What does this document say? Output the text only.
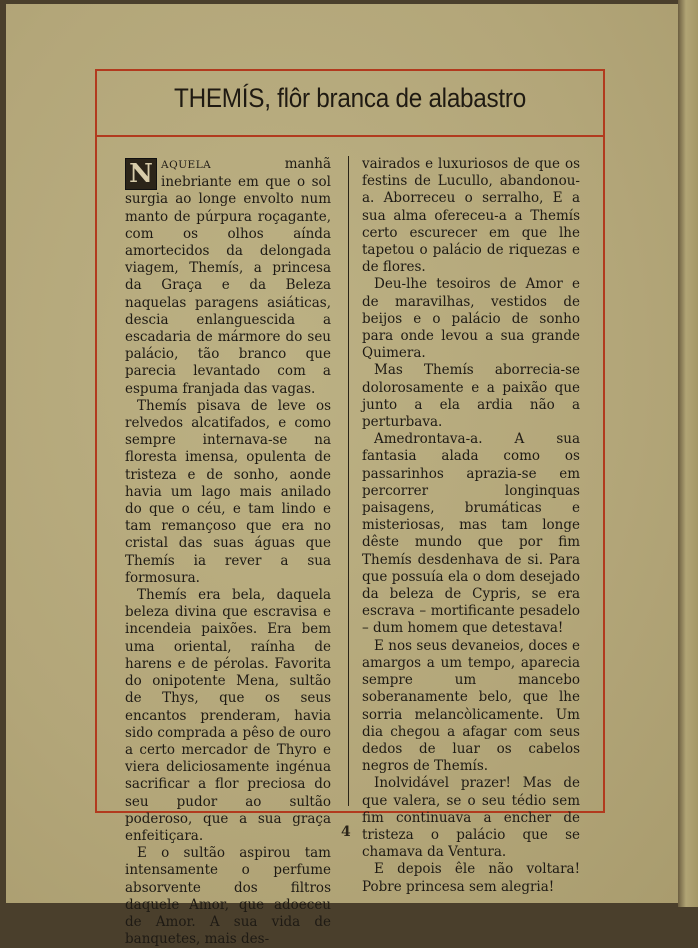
THEMÍS, flôr branca de alabastro

N AQUELA	manhã inebriante em que o sol surgia ao longe envolto num manto de púrpura roçagante, com os olhos aínda amortecidos da delongada viagem, Themís, a princesa da Graça e da Beleza naquelas paragens asiáticas, descia enlanguescida a escadaria de mármore do seu palácio, tão branco que parecia levantado com a espuma franjada das vagas.

Themís pisava de leve os relvedos alcatifados, e como sempre internava-se na floresta imensa, opulenta de tristeza e de sonho, aonde havia um lago mais anilado do que o céu, e tam lindo e tam remançoso que era no cristal das suas águas que Themís ia rever a sua formosura.

Themís era bela, daquela beleza divina que escravisa e incendeia paixões. Era bem uma oriental, raínha de harens e de pérolas. Favorita do onipotente Mena, sultão de Thys, que os seus encantos prenderam, havia sido comprada a pêso de ouro a certo mercador de Thyro e viera deliciosamente ingénua sacrificar a flor preciosa do seu pudor ao sultão poderoso, que a sua graça enfeitiçara.

E o sultão aspirou tam intensamente o perfume absorvente dos filtros daquele Amor, que adoeceu de Amor. A sua vida de banquetes, mais des-

vairados e luxuriosos de que os festins de Lucullo, abandonou-a. Aborreceu o serralho, E a sua alma ofereceu-a a Themís certo escurecer em que lhe tapetou o palácio de riquezas e de flores.

Deu-lhe tesoiros de Amor e de maravilhas, vestidos de beijos e o palácio de sonho para onde levou a sua grande Quimera.

Mas Themís aborrecia-se dolorosamente e a paixão que junto a ela ardia não a perturbava.

Amedrontava-a. A sua fantasia alada como os passarinhos aprazia-se em percorrer longinquas paisagens, brumáticas e misteriosas, mas tam longe dêste mundo que por fim Themís desdenhava de si. Para que possuía ela o dom desejado da beleza de Cypris, se era escrava – mortificante pesadelo – dum homem que detestava!

E nos seus devaneios, doces e amargos a um tempo, aparecia sempre um mancebo soberanamente belo, que lhe sorria melancòlicamente. Um dia chegou a afagar com seus dedos de luar os cabelos negros de Themís.

Inolvidável prazer! Mas de que valera, se o seu tédio sem fim continuava a encher de tristeza o palácio que se chamava da Ventura.

E depois êle não voltara! Pobre princesa sem alegria!

4
